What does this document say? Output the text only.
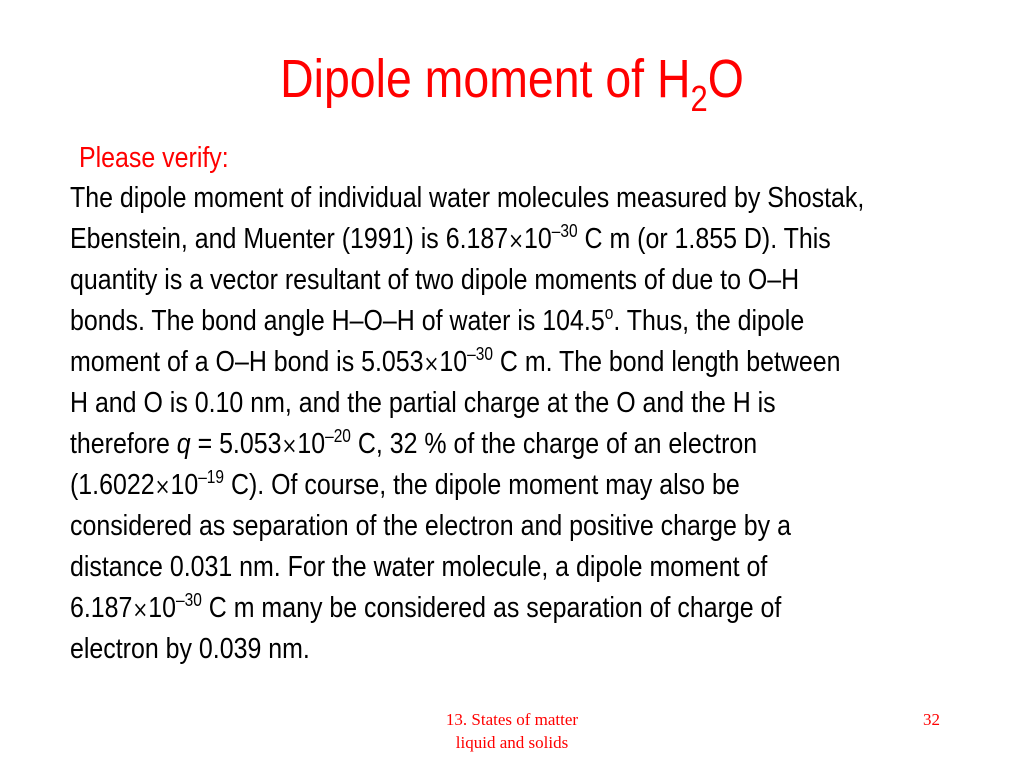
Dipole moment of $H_2O$
Please verify:
The dipole moment of individual water molecules measured by Shostak,
Ebenstein, and Muenter (1991) is $6.187\times 10^{-30}$ C m (or 1.855 D). This
quantity is a vector resultant of two dipole moments of due to O–H
bonds. The bond angle H–O–H of water is 104.5$^o$. Thus, the dipole
moment of a O–H bond is $5.053\times 10^{-30}$ C m. The bond length between
H and O is 0.10 nm, and the partial charge at the O and the H is
therefore $q = 5.053\times 10^{-20}$ C, 32 % of the charge of an electron
($1.6022\times 10^{-19}$ C). Of course, the dipole moment may also be
considered as separation of the electron and positive charge by a
distance 0.031 nm. For the water molecule, a dipole moment of
$6.187\times 10^{-30}$ C m many be considered as separation of charge of
electron by 0.039 nm.
13. States of matter
liquid and solids
32
